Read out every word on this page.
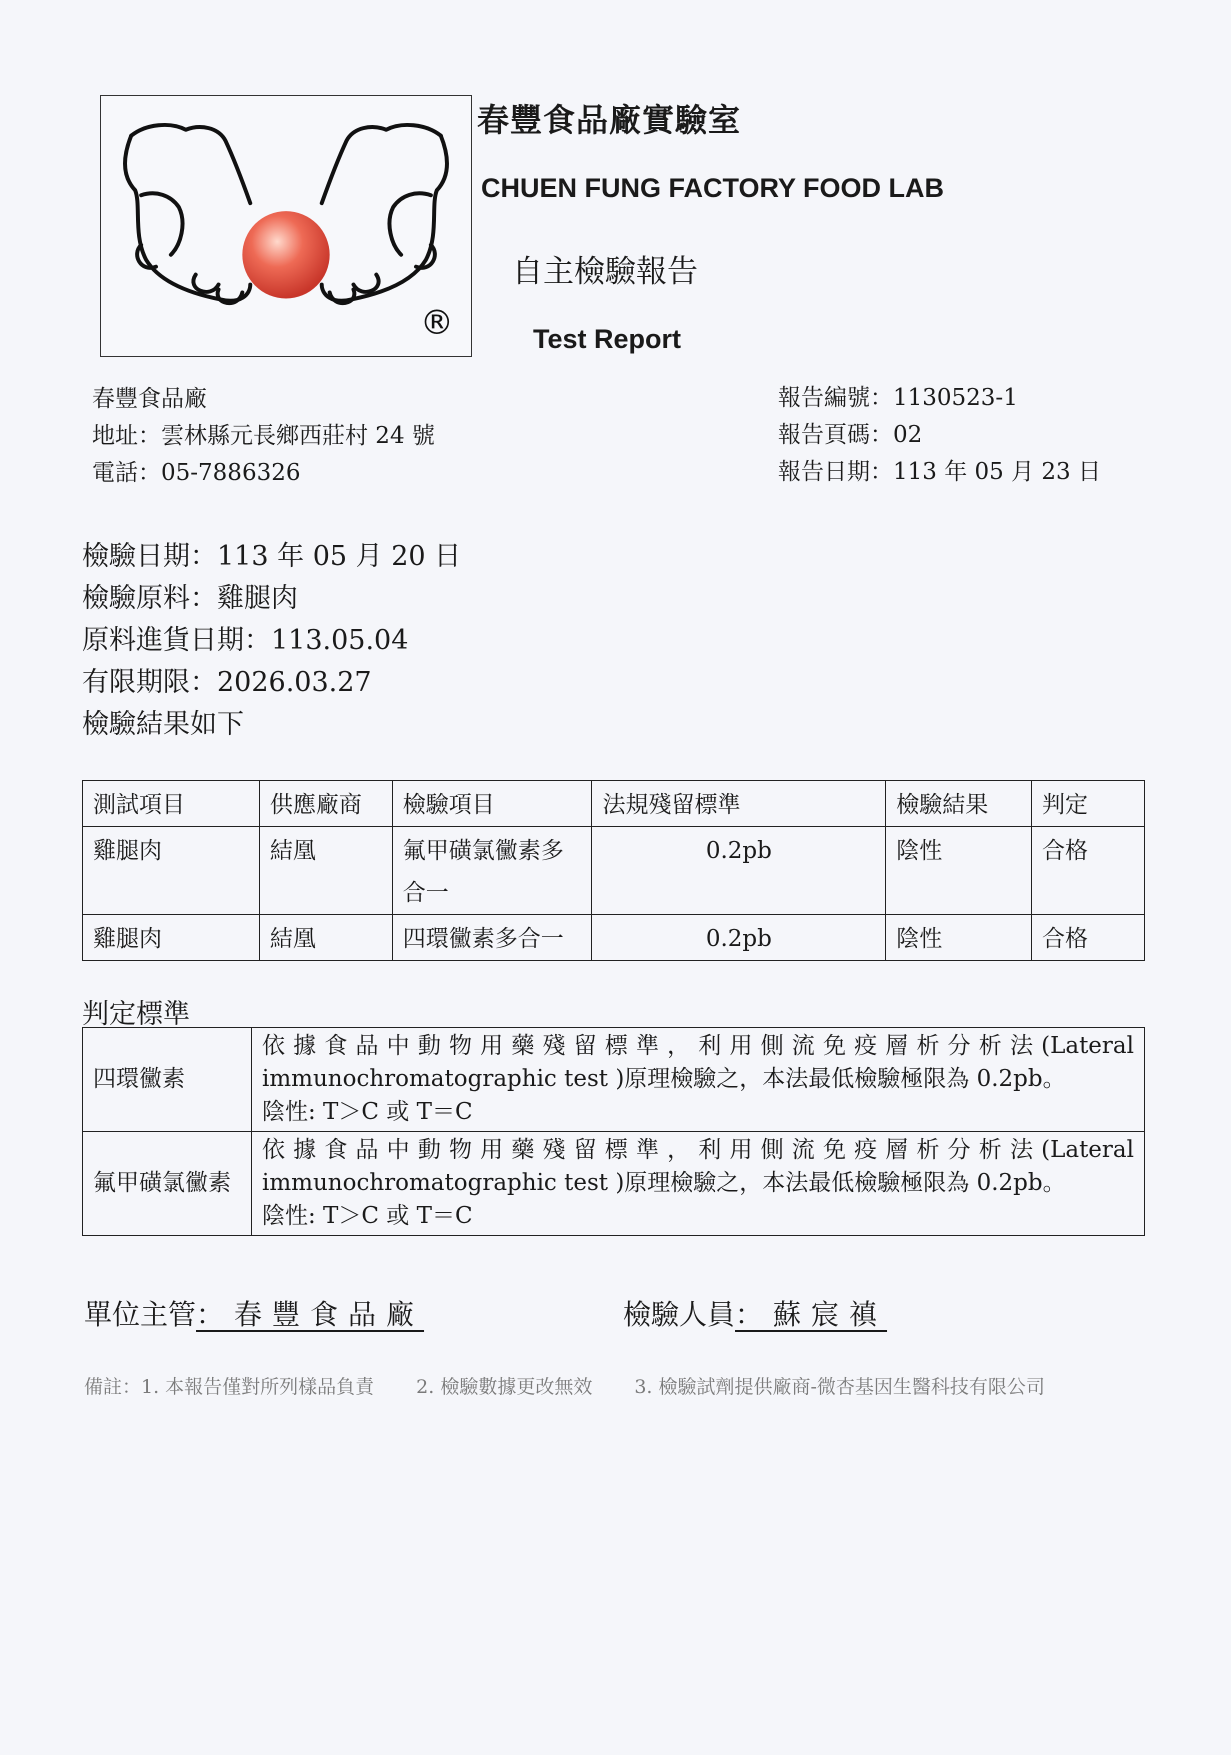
®
春豐食品廠實驗室
CHUEN FUNG FACTORY FOOD LAB
自主檢驗報告
Test Report
春豐食品廠
地址：雲林縣元長鄉西莊村 24 號
電話：05-7886326
報告編號：1130523-1
報告頁碼：02
報告日期：113 年 05 月 23 日
檢驗日期：113 年 05 月 20 日
檢驗原料：雞腿肉
原料進貨日期：113.05.04
有限期限：2026.03.27
檢驗結果如下
測試項目	供應廠商	檢驗項目	法規殘留標準	檢驗結果	判定
雞腿肉	結凰	氟甲磺氯黴素多合一	0.2pb	陰性	合格
雞腿肉	結凰	四環黴素多合一	0.2pb	陰性	合格
判定標準
四環黴素	依據食品中動物用藥殘留標準，利用側流免疫層析分析法(Lateral immunochromatographic test )原理檢驗之，本法最低檢驗極限為 0.2pb。
陰性: T＞C 或 T＝C

氟甲磺氯黴素	依據食品中動物用藥殘留標準，利用側流免疫層析分析法(Lateral immunochromatographic test )原理檢驗之，本法最低檢驗極限為 0.2pb。
陰性: T＞C 或 T＝C
單位主管：春豐食品廠	檢驗人員：蘇宸禛
備註：1. 本報告僅對所列樣品負責 2. 檢驗數據更改無效 3. 檢驗試劑提供廠商-微杏基因生醫科技有限公司
